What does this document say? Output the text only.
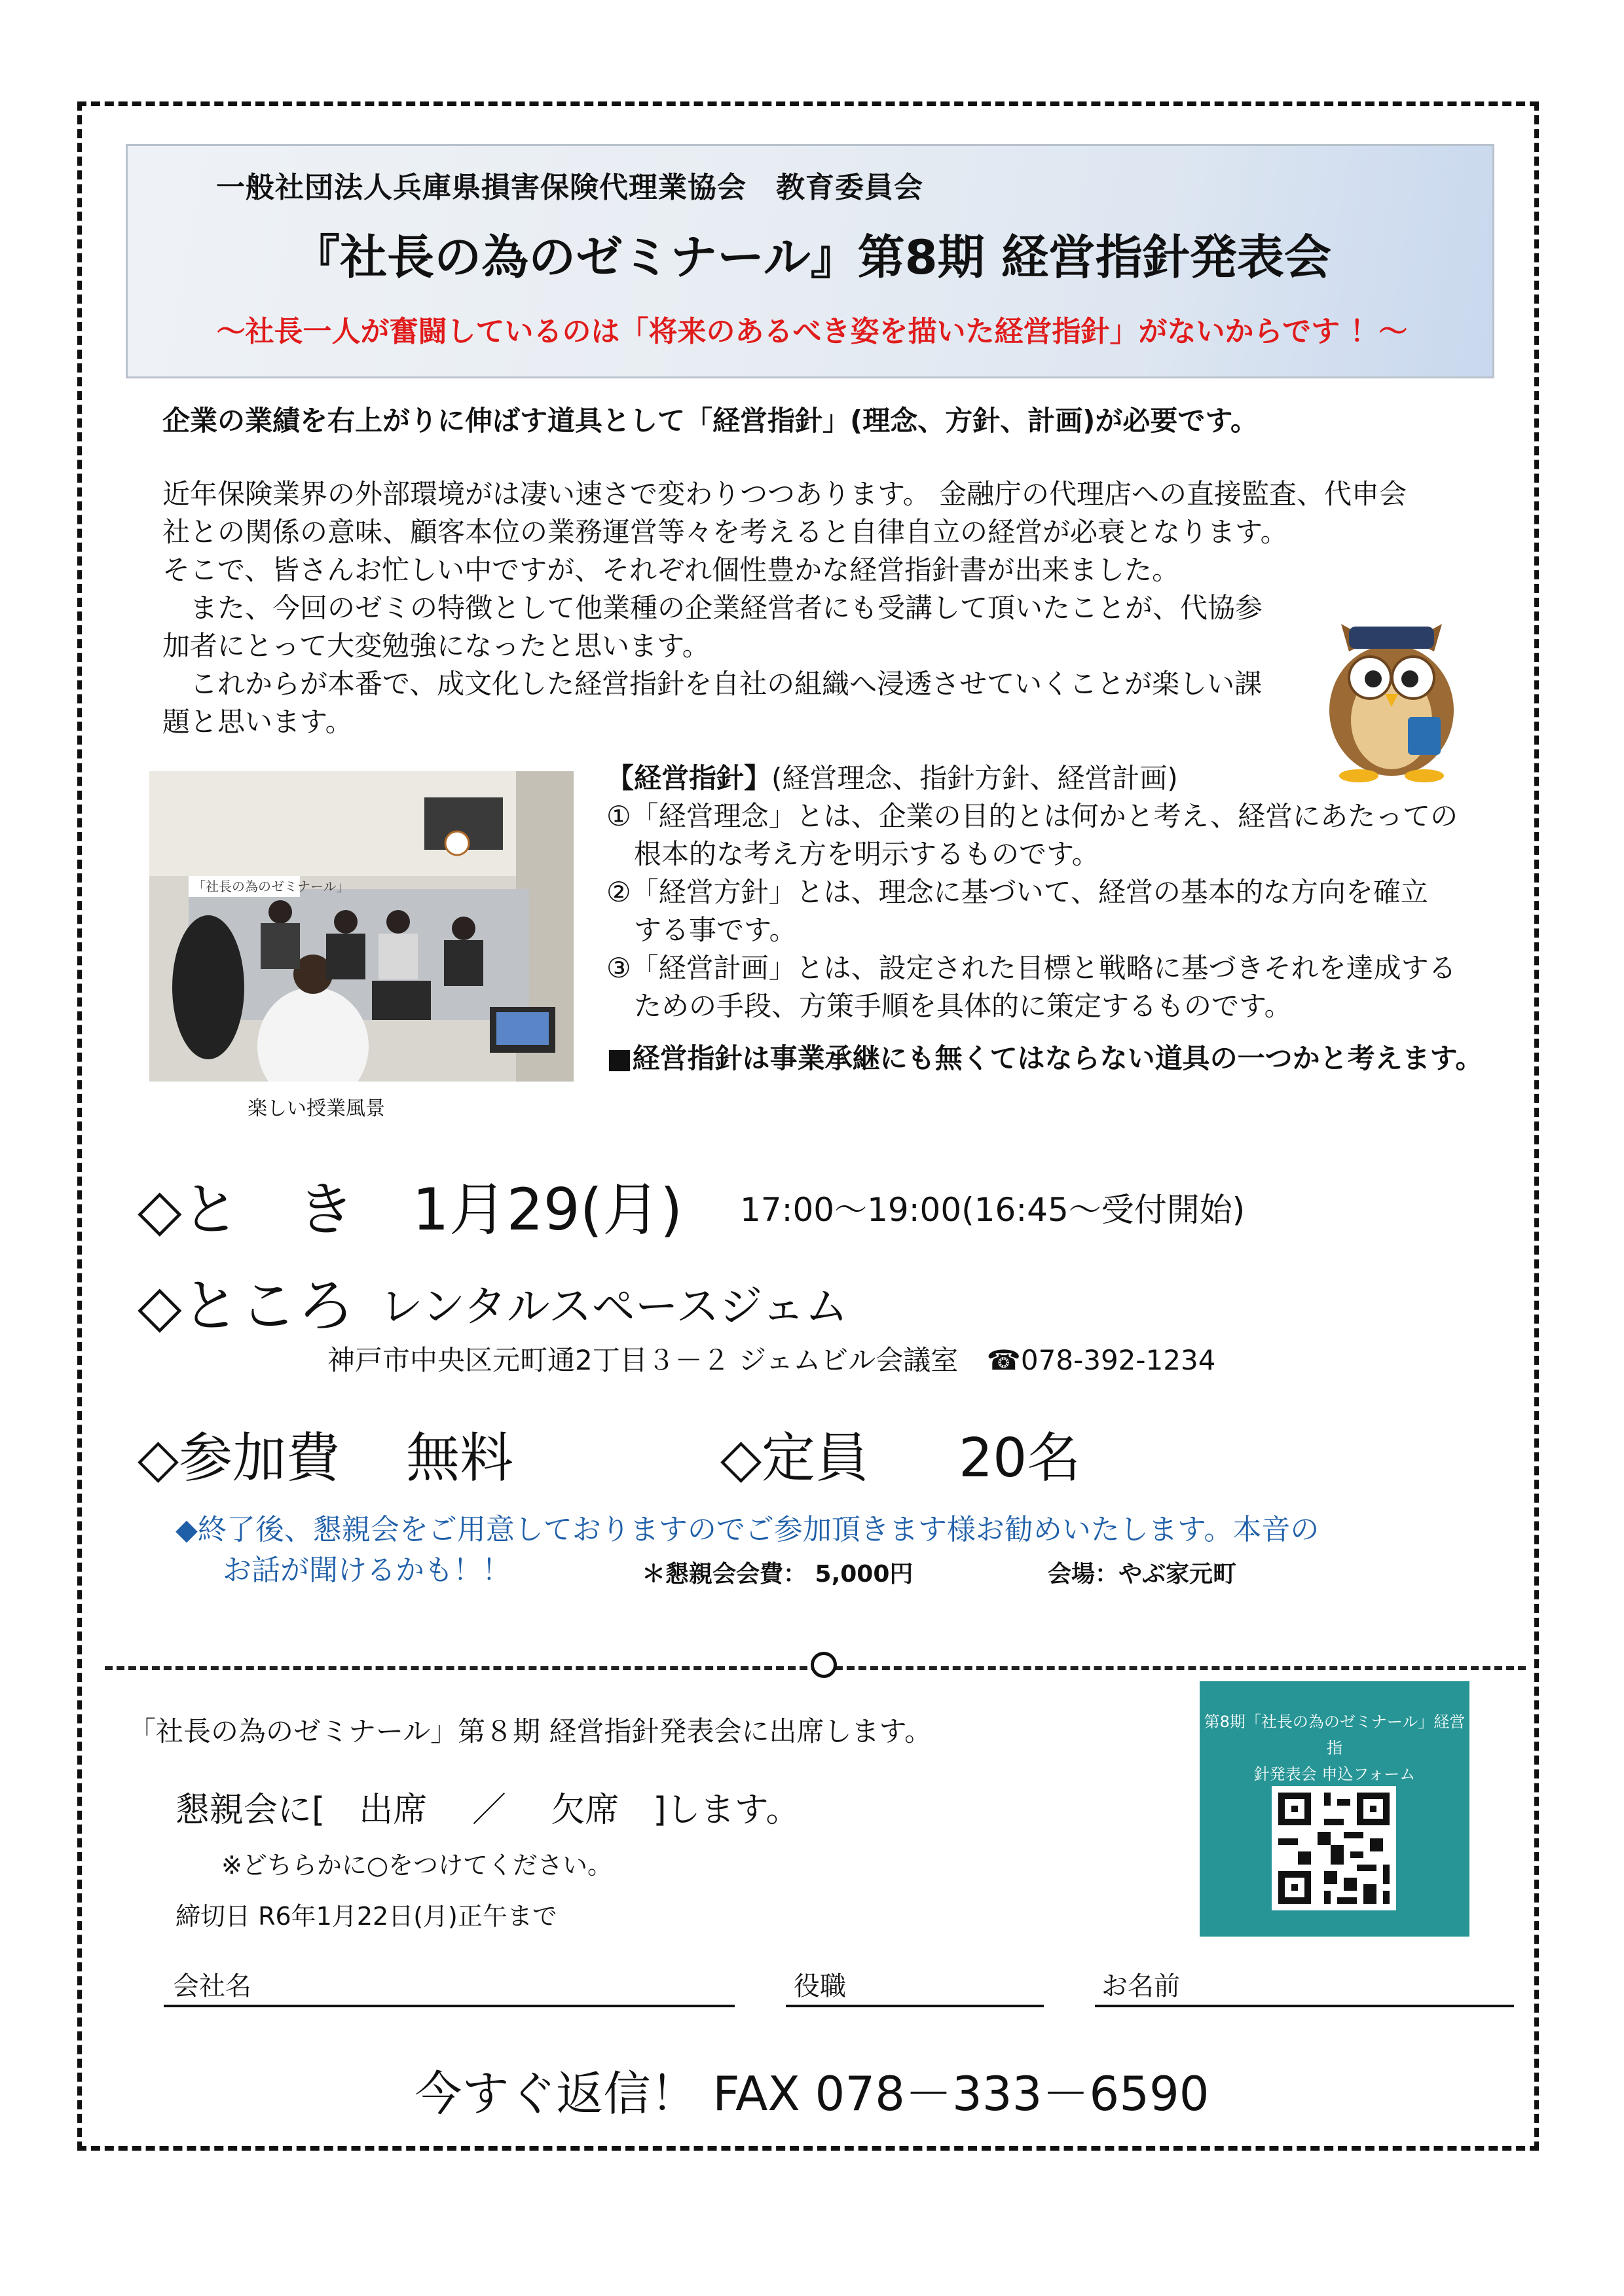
一般社団法人兵庫県損害保険代理業協会　教育委員会
『社長の為のゼミナール』第8期 経営指針発表会
～社長一人が奮闘しているのは「将来のあるべき姿を描いた経営指針」がないからです ！～
企業の業績を右上がりに伸ばす道具として「経営指針」(理念、方針、計画)が必要です。
近年保険業界の外部環境がは凄い速さで変わりつつあります。 金融庁の代理店への直接監査、代申会
社との関係の意味、顧客本位の業務運営等々を考えると自律自立の経営が必衰となります。
そこで、皆さんお忙しい中ですが、それぞれ個性豊かな経営指針書が出来ました。
　また、今回のゼミの特徴として他業種の企業経営者にも受講して頂いたことが、代協参
加者にとって大変勉強になったと思います。
　これからが本番で、成文化した経営指針を自社の組織へ浸透させていくことが楽しい課
題と思います。
「社長の為のゼミナール」
楽しい授業風景
【経営指針】(経営理念、指針方針、経営計画)
①「経営理念」とは、企業の目的とは何かと考え、経営にあたっての
　根本的な考え方を明示するものです。
②「経営方針」とは、理念に基づいて、経営の基本的な方向を確立
　する事です。
③「経営計画」とは、設定された目標と戦略に基づきそれを達成する
　ための手段、方策手順を具体的に策定するものです。
■経営指針は事業承継にも無くてはならない道具の一つかと考えます。
◇と　き　1月29(月) 17:00～19:00(16:45～受付開始)
◇ところ レンタルスペースジェム
神戸市中央区元町通2丁目３－２ ジェムビル会議室 ☎078-392-1234
◇参加費 無料	◇定員 20名
◆終了後、懇親会をご用意しておりますのでご参加頂きます様お勧めいたします。本音の
お話が聞けるかも！！	＊懇親会会費： 5,000円	会場：やぶ家元町
「社長の為のゼミナール」第８期 経営指針発表会に出席します。
懇親会に[　出席　 ／ 　欠席　]します。
※どちらかに○をつけてください。
締切日 R6年1月22日(月)正午まで
第8期「社長の為のゼミナール」経営指
針発表会 申込フォーム
会社名	役職	お名前
今すぐ返信！ FAX 078－333－6590
